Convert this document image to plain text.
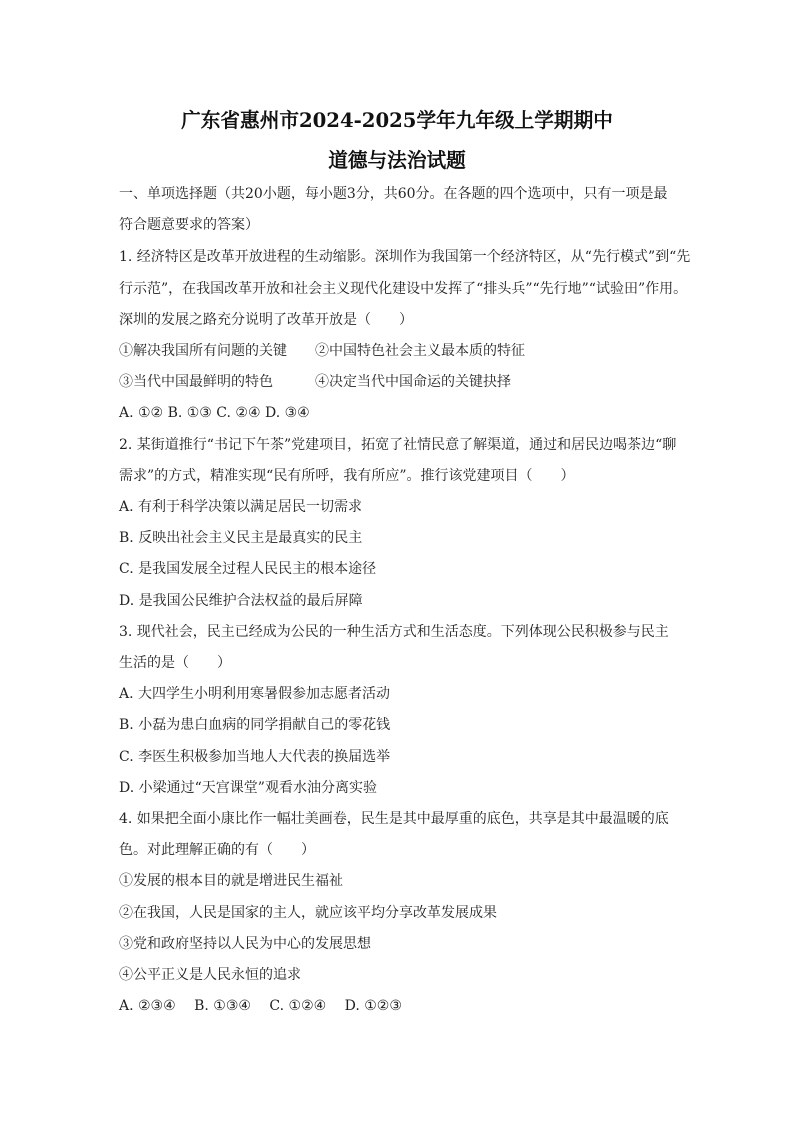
广东省惠州市2024-2025学年九年级上学期期中
道德与法治试题
一、单项选择题（共20小题，每小题3分，共60分。在各题的四个选项中，只有一项是最
符合题意要求的答案）
1. 经济特区是改革开放进程的生动缩影。深圳作为我国第一个经济特区，从“先行模式”到“先
行示范”，在我国改革开放和社会主义现代化建设中发挥了“排头兵”“先行地”“试验田”作用。
深圳的发展之路充分说明了改革开放是（　　）
①解决我国所有问题的关键　　②中国特色社会主义最本质的特征
③当代中国最鲜明的特色　　　④决定当代中国命运的关键抉择
A. ①② B. ①③ C. ②④ D. ③④
2. 某街道推行“书记下午茶”党建项目，拓宽了社情民意了解渠道，通过和居民边喝茶边“聊
需求”的方式，精准实现“民有所呼，我有所应”。推行该党建项目（　　）
A. 有利于科学决策以满足居民一切需求
B. 反映出社会主义民主是最真实的民主
C. 是我国发展全过程人民民主的根本途径
D. 是我国公民维护合法权益的最后屏障
3. 现代社会，民主已经成为公民的一种生活方式和生活态度。下列体现公民积极参与民主
生活的是（　　）
A. 大四学生小明利用寒暑假参加志愿者活动
B. 小磊为患白血病的同学捐献自己的零花钱
C. 李医生积极参加当地人大代表的换届选举
D. 小梁通过“天宫课堂”观看水油分离实验
4. 如果把全面小康比作一幅壮美画卷，民生是其中最厚重的底色，共享是其中最温暖的底
色。对此理解正确的有（　　）
①发展的根本目的就是增进民生福祉
②在我国，人民是国家的主人，就应该平均分享改革发展成果
③党和政府坚持以人民为中心的发展思想
④公平正义是人民永恒的追求
A. ②③④　 B. ①③④　 C. ①②④　 D. ①②③
